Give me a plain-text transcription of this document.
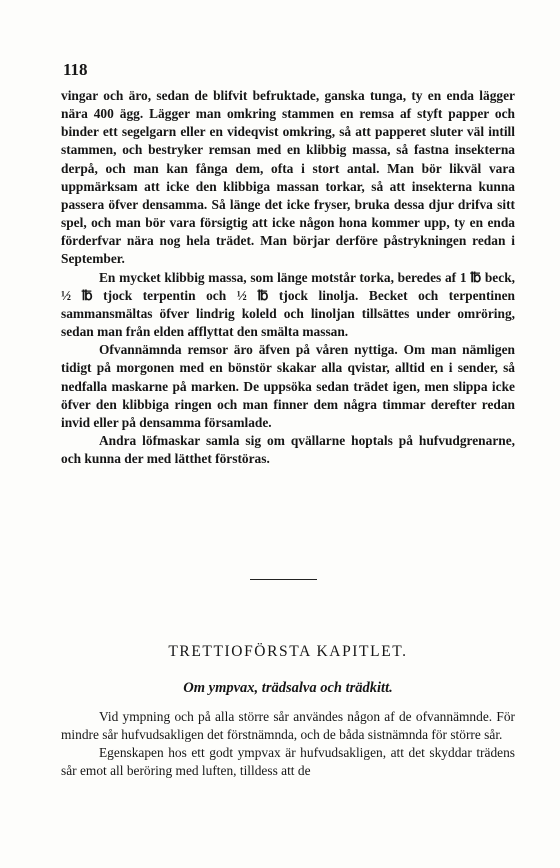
118

vingar och äro, sedan de blifvit befruktade, ganska tunga, ty en enda lägger nära 400 ägg. Lägger man omkring stammen en remsa af styft papper och binder ett segelgarn eller en videqvist omkring, så att papperet sluter väl intill stammen, och bestryker remsan med en klibbig massa, så fastna insekterna derpå, och man kan fånga dem, ofta i stort antal. Man bör likväl vara uppmärksam att icke den klibbiga massan torkar, så att insekterna kunna passera öfver densamma. Så länge det icke fryser, bruka dessa djur drifva sitt spel, och man bör vara försigtig att icke någon hona kommer upp, ty en enda förderfvar nära nog hela trädet. Man börjar derföre påstrykningen redan i September.

En mycket klibbig massa, som länge motstår torka, beredes af 1 ℔ beck, ½ ℔ tjock terpentin och ½ ℔ tjock linolja. Becket och terpentinen sammansmältas öfver lindrig koleld och linoljan tillsättes under omröring, sedan man från elden afflyttat den smälta massan.

Ofvannämnda remsor äro äfven på våren nyttiga. Om man nämligen tidigt på morgonen med en bönstör skakar alla qvistar, alltid en i sender, så nedfalla maskarne på marken. De uppsöka sedan trädet igen, men slippa icke öfver den klibbiga ringen och man finner dem några timmar derefter redan invid eller på densamma församlade.

Andra löfmaskar samla sig om qvällarne hoptals på hufvudgrenarne, och kunna der med lätthet förstöras.

TRETTIOFÖRSTA KAPITLET.
Om ympvax, trädsalva och trädkitt.

Vid ympning och på alla större sår användes någon af de ofvannämnde. För mindre sår hufvudsakligen det förstnämnda, och de båda sistnämnda för större sår.

Egenskapen hos ett godt ympvax är hufvudsakligen, att det skyddar trädens sår emot all beröring med luften, tilldess att de
